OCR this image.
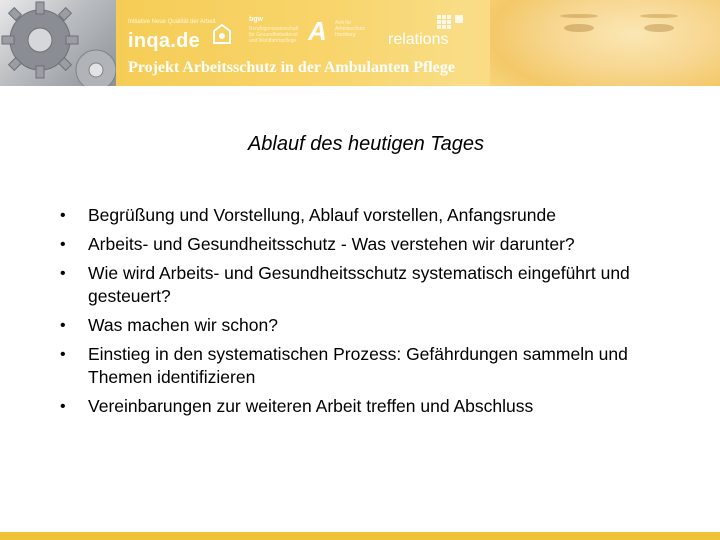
Initiative Neue Qualität der Arbeit
inqa.de
bgw
Berufsgenossenschaft für Gesundheitsdienst und Wohlfahrtspflege A Amt für Arbeitsschutz Hamburg	relations
Projekt Arbeitsschutz in der Ambulanten Pflege
Ablauf des heutigen Tages
• Begrüßung und Vorstellung, Ablauf vorstellen, Anfangsrunde
• Arbeits- und Gesundheitsschutz - Was verstehen wir darunter?
• Wie wird Arbeits- und Gesundheitsschutz systematisch eingeführt und gesteuert?
• Was machen wir schon?
• Einstieg in den systematischen Prozess: Gefährdungen sammeln und Themen identifizieren
• Vereinbarungen zur weiteren Arbeit treffen und Abschluss
